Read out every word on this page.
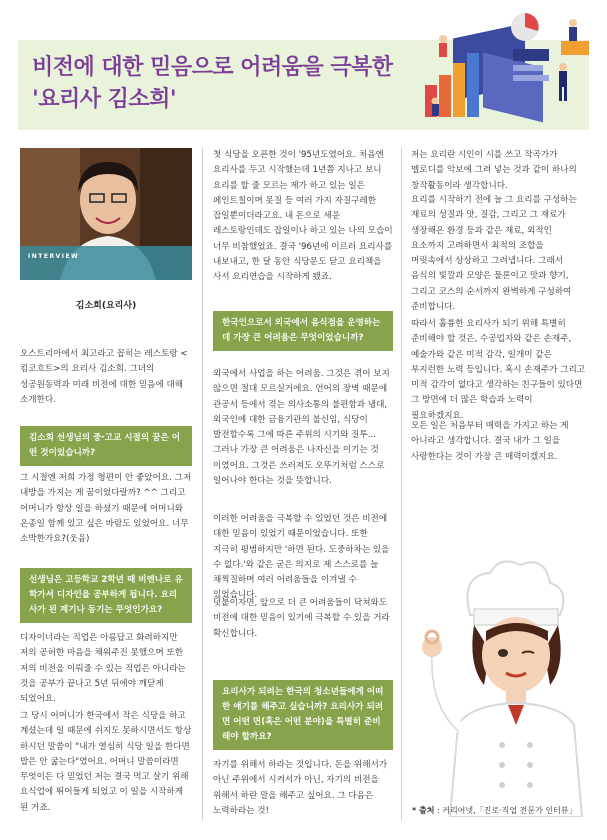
비전에 대한 믿음으로 어려움을 극복한
'요리사 김소희'
INTERVIEW
김소희(요리사)

오스트리아에서 최고라고 꼽히는 레스토랑 <킴코흐트>의 요리사 김소희. 그녀의 성공원동력과 미래 비전에 대한 믿음에 대해 소개한다.

김소희 선생님의 중·고교 시절의 꿈은 어떤 것이었습니까?

그 시절엔 저희 가정 형편이 안 좋았어요. 그저 내방을 가지는 게 꿈이었다랄까? ^^ 그리고 어머니가 항상 일을 하셨기 때문에 어머니와 온종일 함께 있고 싶은 바람도 있었어요. 너무 소박한가요?(웃음)

선생님은 고등학교 2학년 때 비엔나로 유학가셔 디자인을 공부하게 됩니다. 요리사가 된 계기나 동기는 무엇인가요?

디자이너라는 직업은 아름답고 화려하지만 저의 공허한 마음을 채워주진 못했으며 또한 저의 비전을 이뤄줄 수 있는 직업은 아니라는 것을 공부가 끝나고 5년 뒤에야 깨닫게 되었어요.

그 당시 어머니가 한국에서 작은 식당을 하고 계셨는데 일 때문에 쉬지도 못하시면서도 항상 하시던 말씀이 "내가 열심히 식당 일을 한다면 밥은 안 굶는다"였어요. 어머니 말씀이라면 무엇이든 다 믿었던 저는 결국 먹고 살기 위해 요식업에 뛰어들게 되었고 이 일을 시작하게 된 거죠.

첫 식당을 오픈한 것이 '95년도였어요. 처음엔 요리사를 두고 시작했는데 1년쯤 지나고 보니 요리를 할 줄 모르는 제가 하고 있는 일은 페인트칠이며 못질 등 여러 가지 자질구레한 잡일뿐이더라고요. 내 돈으로 세운 레스토랑인데도 잡일이나 하고 있는 나의 모습이 너무 비참했었죠. 결국 '96년에 이르러 요리사를 내보내고, 한 달 동안 식당문도 닫고 요리책을 사서 요리연습을 시작하게 됐죠.

한국인으로서 외국에서 음식점을 운영하는데 가장 큰 어려움은 무엇이었습니까?

외국에서 사업을 하는 어려움. 그것은 겪어 보지 않으면 절대 모르실거에요. 언어의 장벽 때문에 관공서 등에서 겪는 의사소통의 불편함과 냉대, 외국인에 대한 금융기관의 불신임, 식당이 발전할수록 그에 따른 주위의 시기와 질투... 그러나 가장 큰 어려움은 나자신을 이기는 것 이였어요. 그것은 쓰러져도 오뚜기처럼 스스로 일어나야 한다는 것을 뜻합니다.

이러한 어려움을 극복할 수 있었던 것은 비전에 대한 믿음이 있었기 때문이었습니다. 또한 지극히 평범하지만 '하면 된다. 도중하차는 있을 수 없다.'와 같은 굳은 의지로 제 스스로를 늘 채찍질하며 여러 어려움들을 이겨낼 수 있었습니다.

덧붙이자면, 앞으로 더 큰 어려움들이 닥쳐와도 비전에 대한 믿음이 있기에 극복할 수 있을 거라 확신합니다.

요리사가 되려는 한국의 청소년들에게 어떠한 얘기를 해주고 싶습니까? 요리사가 되려면 어떤 면(혹은 어떤 분야)을 특별히 준비해야 할까요?

자기를 위해서 하라는 것입니다. 돈을 위해서가 아닌 주위에서 시켜서가 아닌, 자기의 비전을 위해서 하란 말을 해주고 싶어요. 그 다음은 노력하라는 것!

저는 요리란 시인이 시를 쓰고 작곡가가 멜로디를 악보에 그려 넣는 것과 같이 하나의 창작활동이라 생각합니다.

요리를 시작하기 전에 늘 그 요리를 구성하는 재료의 성질과 맛, 질감, 그리고 그 재료가 생장해온 환경 등과 같은 재료, 외적인 요소까지 고려하면서 최적의 조합을 머릿속에서 상상하고 그려냅니다. 그래서 음식의 빛깔과 모양은 물론이고 맛과 향기, 그리고 코스의 순서까지 완벽하게 구성하여 준비합니다.

따라서 훌륭한 요리사가 되기 위해 특별히 준비해야 할 것은, 수공업자와 같은 손재주, 예술가와 같은 미적 감각, 일개미 같은 부지런한 노력 등입니다. 혹시 손재주가 그리고 미적 감각이 없다고 생각하는 친구들이 있다면 그 방면에 더 많은 학습과 노력이 필요하겠지요.

모든 일은 처음부터 매력을 가지고 하는 게 아니라고 생각합니다. 결국 내가 그 일을 사랑한다는 것이 가장 큰 매력이겠지요.

* 출처 : 커리어넷,「진로·직업 전문가 인터뷰」
